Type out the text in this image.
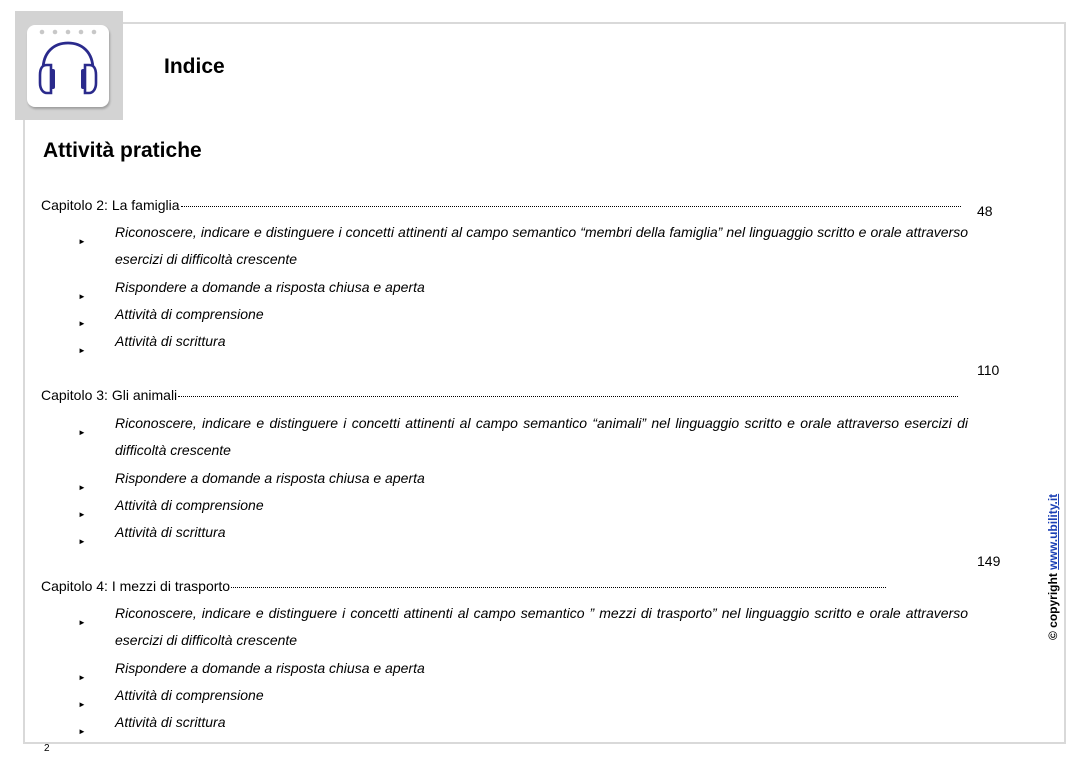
Indice
Attività pratiche
Capitolo 2: La famiglia	48
►
Riconoscere, indicare e distinguere i concetti attinenti al campo semantico “membri della famiglia” nel linguaggio scritto e orale attraverso esercizi di difficoltà crescente
►
Rispondere a domande a risposta chiusa e aperta
►
Attività di comprensione
►
Attività di scrittura
110
Capitolo 3: Gli animali
►
Riconoscere, indicare e distinguere i concetti attinenti al campo semantico “animali” nel linguaggio scritto e orale attraverso esercizi di difficoltà crescente
►
Rispondere a domande a risposta chiusa e aperta
►
Attività di comprensione
►
Attività di scrittura
149
Capitolo 4: I mezzi di trasporto
►
Riconoscere, indicare e distinguere i concetti attinenti al campo semantico ” mezzi di trasporto” nel linguaggio scritto e orale attraverso esercizi di difficoltà crescente
►
Rispondere a domande a risposta chiusa e aperta
►
Attività di comprensione
►
Attività di scrittura
© copyright www.ubility.it
2
